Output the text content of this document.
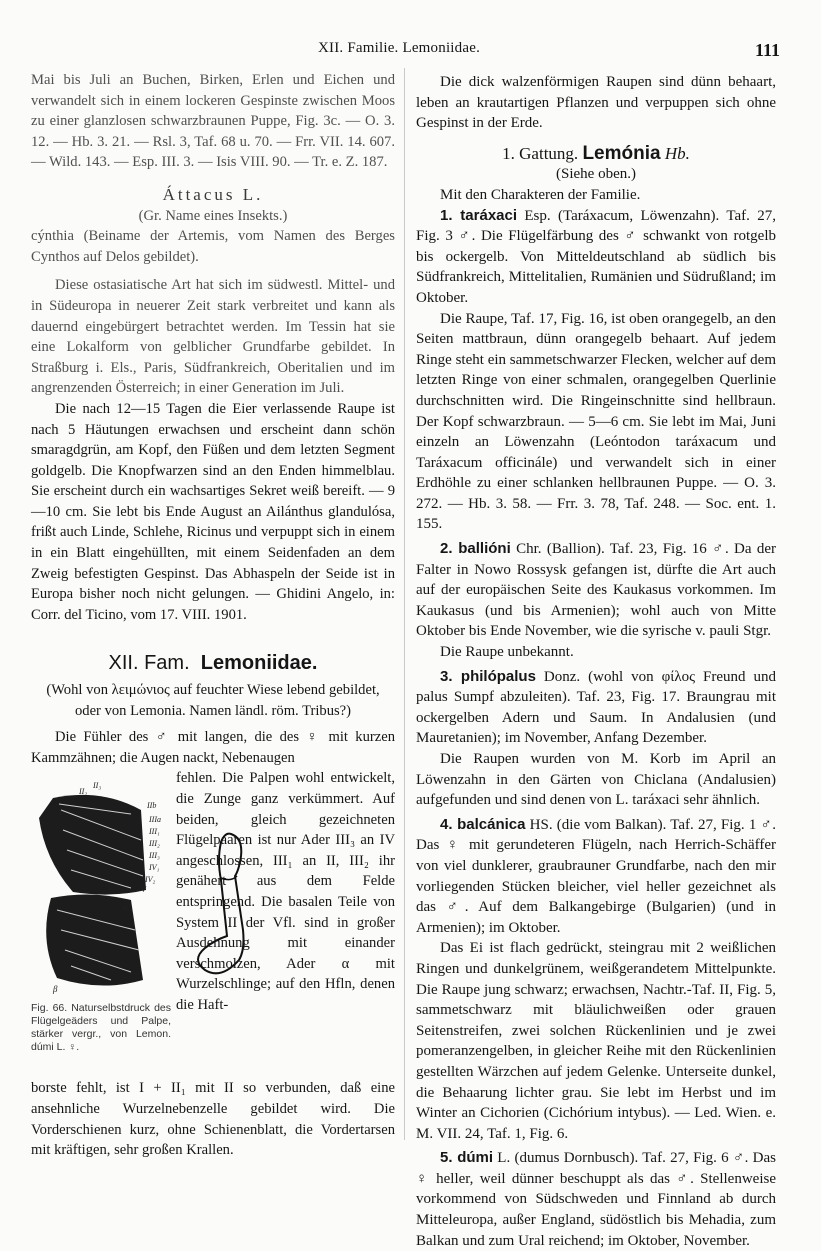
XII. Familie. Lemoniidae.	111

Mai bis Juli an Buchen, Birken, Erlen und Eichen und verwandelt sich in einem lockeren Gespinste zwischen Moos zu einer glanzlosen schwarzbraunen Puppe, Fig. 3c. — O. 3. 12. — Hb. 3. 21. — Rsl. 3, Taf. 68 u. 70. — Frr. VII. 14. 607. — Wild. 143. — Esp. III. 3. — Isis VIII. 90. — Tr. e. Z. 187.

Áttacus L.

(Gr. Name eines Insekts.)

cýnthia (Beiname der Artemis, vom Namen des Berges Cynthos auf Delos gebildet).

Diese ostasiatische Art hat sich im südwestl. Mittel- und in Südeuropa in neuerer Zeit stark verbreitet und kann als dauernd eingebürgert betrachtet werden. Im Tessin hat sie eine Lokalform von gelblicher Grundfarbe gebildet. In Straßburg i. Els., Paris, Südfrankreich, Oberitalien und im angrenzenden Österreich; in einer Generation im Juli.

Die nach 12—15 Tagen die Eier verlassende Raupe ist nach 5 Häutungen erwachsen und erscheint dann schön smaragdgrün, am Kopf, den Füßen und dem letzten Segment goldgelb. Die Knopfwarzen sind an den Enden himmelblau. Sie erscheint durch ein wachsartiges Sekret weiß bereift. — 9—10 cm. Sie lebt bis Ende August an Ailánthus glandulósa, frißt auch Linde, Schlehe, Ricinus und verpuppt sich in einem in ein Blatt eingehüllten, mit einem Seidenfaden an dem Zweig befestigten Gespinst. Das Abhaspeln der Seide ist in Europa bisher noch nicht gelungen. — Ghidini Angelo, in: Corr. del Ticino, vom 17. VIII. 1901.

XII. Fam. Lemoniidae.

(Wohl von λειμώνιος auf feuchter Wiese lebend gebildet, oder von Lemonia. Namen ländl. röm. Tribus?)

Die Fühler des ♂ mit langen, die des ♀ mit kurzen Kammzähnen; die Augen nackt, Nebenaugen

II₃
II₂
IIb
IIIa
III₁
III₂
III₃
IV₁
IV₂
V
I
α
β

fehlen. Die Palpen wohl entwickelt, die Zunge ganz verkümmert. Auf beiden, gleich gezeichneten Flügelpaaren ist nur Ader III₃ an IV angeschlossen, III₁ an II, III₂ ihr genähert aus dem Felde entspringend. Die basalen Teile von System II der Vfl. sind in großer Ausdehnung mit einander verschmolzen, Ader α mit Wurzelschlinge; auf den Hfln, denen die Haft-

Fig. 66. Naturselbstdruck des Flügelgeäders und Palpe, stärker vergr., von Lemon. dúmi L. ♀.

borste fehlt, ist I + II₁ mit II so verbunden, daß eine ansehnliche Wurzelnebenzelle gebildet wird. Die Vorderschienen kurz, ohne Schienenblatt, die Vordertarsen mit kräftigen, sehr großen Krallen.

Die dick walzenförmigen Raupen sind dünn behaart, leben an krautartigen Pflanzen und verpuppen sich ohne Gespinst in der Erde.

1. Gattung. Lemónia Hb.

(Siehe oben.)

Mit den Charakteren der Familie.

1. taráxaci Esp. (Taráxacum, Löwenzahn). Taf. 27, Fig. 3 ♂. Die Flügelfärbung des ♂ schwankt von rotgelb bis ockergelb. Von Mitteldeutschland ab südlich bis Südfrankreich, Mittelitalien, Rumänien und Südrußland; im Oktober.

Die Raupe, Taf. 17, Fig. 16, ist oben orangegelb, an den Seiten mattbraun, dünn orangegelb behaart. Auf jedem Ringe steht ein sammetschwarzer Flecken, welcher auf dem letzten Ringe von einer schmalen, orangegelben Querlinie durchschnitten wird. Die Ringeinschnitte sind hellbraun. Der Kopf schwarzbraun. — 5—6 cm. Sie lebt im Mai, Juni einzeln an Löwenzahn (Leóntodon taráxacum und Taráxacum officinále) und verwandelt sich in einer Erdhöhle zu einer schlanken hellbraunen Puppe. — O. 3. 272. — Hb. 3. 58. — Frr. 3. 78, Taf. 248. — Soc. ent. 1. 155.

2. ballióni Chr. (Ballion). Taf. 23, Fig. 16 ♂. Da der Falter in Nowo Rossysk gefangen ist, dürfte die Art auch auf der europäischen Seite des Kaukasus vorkommen. Im Kaukasus (und bis Armenien); wohl auch von Mitte Oktober bis Ende November, wie die syrische v. pauli Stgr.

Die Raupe unbekannt.

3. philópalus Donz. (wohl von φίλος Freund und palus Sumpf abzuleiten). Taf. 23, Fig. 17. Braungrau mit ockergelben Adern und Saum. In Andalusien (und Mauretanien); im November, Anfang Dezember.

Die Raupen wurden von M. Korb im April an Löwenzahn in den Gärten von Chiclana (Andalusien) aufgefunden und sind denen von L. taráxaci sehr ähnlich.

4. balcánica HS. (die vom Balkan). Taf. 27, Fig. 1 ♂. Das ♀ mit gerundeteren Flügeln, nach Herrich-Schäffer von viel dunklerer, graubrauner Grundfarbe, nach den mir vorliegenden Stücken bleicher, viel heller gezeichnet als das ♂. Auf dem Balkangebirge (Bulgarien) (und in Armenien); im Oktober.

Das Ei ist flach gedrückt, steingrau mit 2 weißlichen Ringen und dunkelgrünem, weißgerandetem Mittelpunkte. Die Raupe jung schwarz; erwachsen, Nachtr.-Taf. II, Fig. 5, sammetschwarz mit bläulichweißen oder grauen Seitenstreifen, zwei solchen Rückenlinien und je zwei pomeranzengelben, in gleicher Reihe mit den Rückenlinien gestellten Wärzchen auf jedem Gelenke. Unterseite dunkel, die Behaarung lichter grau. Sie lebt im Herbst und im Winter an Cichorien (Cichórium intybus). — Led. Wien. e. M. VII. 24, Taf. 1, Fig. 6.

5. dúmi L. (dumus Dornbusch). Taf. 27, Fig. 6 ♂. Das ♀ heller, weil dünner beschuppt als das ♂. Stellenweise vorkommend von Südschweden und Finnland ab durch Mitteleuropa, außer England, südöstlich bis Mehadia, zum Balkan und zum Ural reichend; im Oktober, November.
